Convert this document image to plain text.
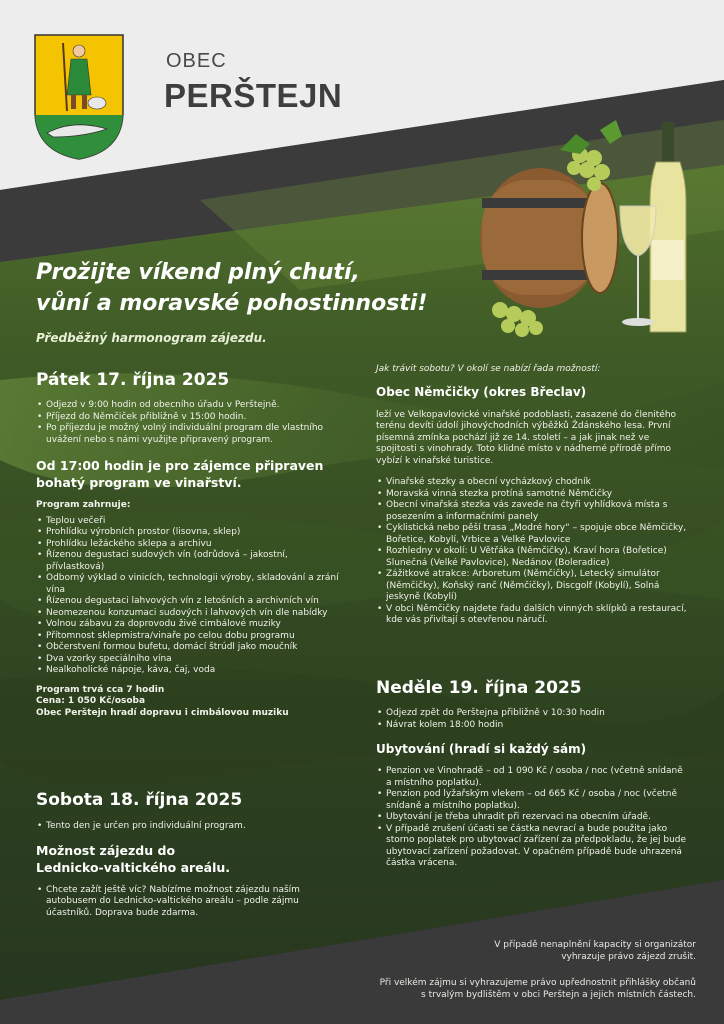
OBEC
PERŠTEJN
Prožijte víkend plný chutí,
vůní a moravské pohostinnosti!
Předběžný harmonogram zájezdu.
Pátek 17. října 2025
• Odjezd v 9:00 hodin od obecního úřadu v Perštejně.
• Příjezd do Němčiček přibližně v 15:00 hodin.
• Po příjezdu je možný volný individuální program dle vlastního uvážení nebo s námi využijte připravený program.
Od 17:00 hodin je pro zájemce připraven bohatý program ve vinařství.
Program zahrnuje:
• Teplou večeři
• Prohlídku výrobních prostor (lisovna, sklep)
• Prohlídku ležáckého sklepa a archivu
• Řízenou degustaci sudových vín (odrůdová – jakostní, přívlastková)
• Odborný výklad o vinicích, technologii výroby, skladování a zrání vína
• Řízenou degustaci lahvových vín z letošních a archivních vín
• Neomezenou konzumaci sudových i lahvových vín dle nabídky
• Volnou zábavu za doprovodu živé cimbálové muziky
• Přítomnost sklepmistra/vinaře po celou dobu programu
• Občerstvení formou bufetu, domácí štrúdl jako moučník
• Dva vzorky speciálního vína
• Nealkoholické nápoje, káva, čaj, voda
Program trvá cca 7 hodin
Cena: 1 050 Kč/osoba
Obec Perštejn hradí dopravu i cimbálovou muziku
Sobota 18. října 2025
• Tento den je určen pro individuální program.
Možnost zájezdu do
Lednicko-valtického areálu.
• Chcete zažít ještě víc? Nabízíme možnost zájezdu naším autobusem do Lednicko-valtického areálu – podle zájmu účastníků. Doprava bude zdarma.
Jak trávit sobotu? V okolí se nabízí řada možností:
Obec Němčičky (okres Břeclav)

leží ve Velkopavlovické vinařské podoblasti, zasazené do členitého terénu devíti údolí jihovýchodních výběžků Ždánského lesa. První písemná zmínka pochází již ze 14. století – a jak jinak než ve spojitosti s vinohrady. Toto klidné místo v nádherné přírodě přímo vybízí k vinařské turistice.

• Vinařské stezky a obecní vycházkový chodník
• Moravská vinná stezka protíná samotné Němčičky
• Obecní vinařská stezka vás zavede na čtyři vyhlídková místa s posezením a informačními panely
• Cyklistická nebo pěší trasa „Modré hory“ – spojuje obce Němčičky, Bořetice, Kobylí, Vrbice a Velké Pavlovice
• Rozhledny v okolí: U Větřáka (Němčičky), Kraví hora (Bořetice) Slunečná (Velké Pavlovice), Nedánov (Boleradice)
• Zážitkové atrakce: Arboretum (Němčičky), Letecký simulátor (Němčičky), Koňský ranč (Němčičky), Discgolf (Kobylí), Solná jeskyně (Kobylí)
• V obci Němčičky najdete řadu dalších vinných sklípků a restaurací, kde vás přivítají s otevřenou náručí.
Neděle 19. října 2025
• Odjezd zpět do Perštejna přibližně v 10:30 hodin
• Návrat kolem 18:00 hodin
Ubytování (hradí si každý sám)
• Penzion ve Vinohradě – od 1 090 Kč / osoba / noc (včetně snídaně a místního poplatku).
• Penzion pod lyžařským vlekem – od 665 Kč / osoba / noc (včetně snídaně a místního poplatku).
• Ubytování je třeba uhradit při rezervaci na obecním úřadě.
• V případě zrušení účasti se částka nevrací a bude použita jako storno poplatek pro ubytovací zařízení za předpokladu, že jej bude ubytovací zařízení požadovat. V opačném případě bude uhrazená částka vrácena.
V případě nenaplnění kapacity si organizátor
vyhrazuje právo zájezd zrušit.
Při velkém zájmu si vyhrazujeme právo upřednostnit přihlášky občanů
s trvalým bydlištěm v obci Perštejn a jejich místních částech.
